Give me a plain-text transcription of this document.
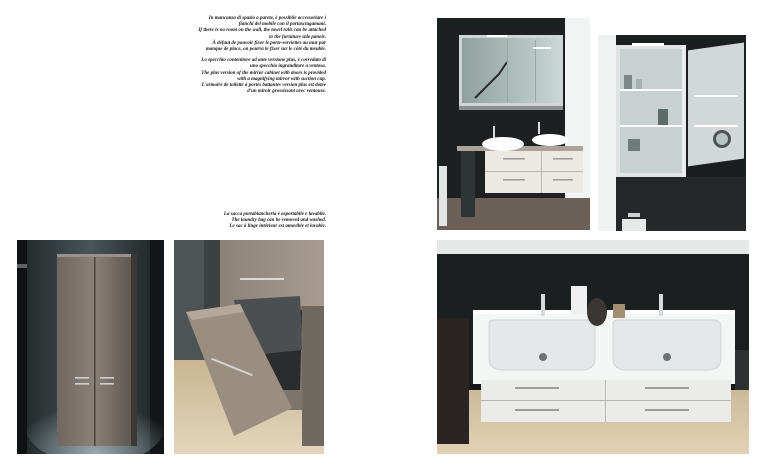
In mancanza di spazio a parete, è possibile accessoriare i
fianchi del mobile con il portasciugamani.
If there is no room on the wall, the towel rails can be attached
to the furniture side panels.
À défaut de pouvoir fixer le porte-serviettes au mur par
manque de place, on pourra le fixer sur le côté du meuble.
Lo specchio contenitore ad ante versione plus, è corredato di
uno specchio ingranditore a ventosa.
The plus version of the mirror cabinet with doors is provided
with a magnifying mirror with suction cup.
L'armoire de toilette à portes battantes version plus est dotée
d'un miroir grossissant avec ventouse.
La sacca portabiancheria è asportabile e lavabile.
The laundry bag can be removed and washed.
Le sac à linge intérieur est amovible et lavable.
